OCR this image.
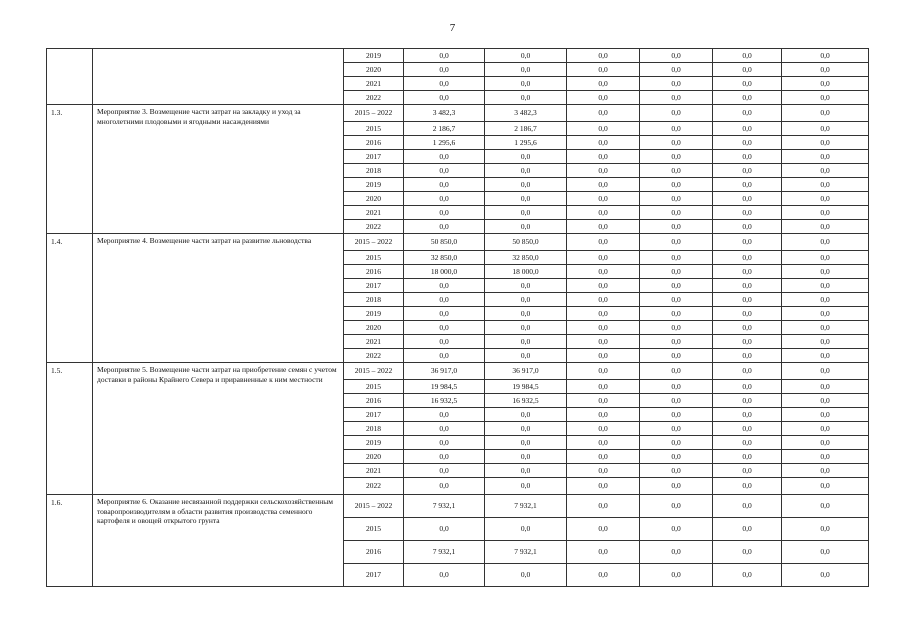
7
		2019	0,0	0,0	0,0	0,0	0,0	0,0
		2020	0,0	0,0	0,0	0,0	0,0	0,0
		2021	0,0	0,0	0,0	0,0	0,0	0,0
		2022	0,0	0,0	0,0	0,0	0,0	0,0
1.3.	Мероприятие 3. Возмещение части затрат на закладку и уход за многолетними плодовыми и ягодными насаждениями	2015 – 2022	3 482,3	3 482,3	0,0	0,0	0,0	0,0
		2015	2 186,7	2 186,7	0,0	0,0	0,0	0,0
		2016	1 295,6	1 295,6	0,0	0,0	0,0	0,0
		2017	0,0	0,0	0,0	0,0	0,0	0,0
		2018	0,0	0,0	0,0	0,0	0,0	0,0
		2019	0,0	0,0	0,0	0,0	0,0	0,0
		2020	0,0	0,0	0,0	0,0	0,0	0,0
		2021	0,0	0,0	0,0	0,0	0,0	0,0
		2022	0,0	0,0	0,0	0,0	0,0	0,0
1.4.	Мероприятие 4. Возмещение части затрат на развитие льноводства	2015 – 2022	50 850,0	50 850,0	0,0	0,0	0,0	0,0
		2015	32 850,0	32 850,0	0,0	0,0	0,0	0,0
		2016	18 000,0	18 000,0	0,0	0,0	0,0	0,0
		2017	0,0	0,0	0,0	0,0	0,0	0,0
		2018	0,0	0,0	0,0	0,0	0,0	0,0
		2019	0,0	0,0	0,0	0,0	0,0	0,0
		2020	0,0	0,0	0,0	0,0	0,0	0,0
		2021	0,0	0,0	0,0	0,0	0,0	0,0
		2022	0,0	0,0	0,0	0,0	0,0	0,0
1.5.	Мероприятие 5. Возмещение части затрат на приобретение семян с учетом доставки в районы Крайнего Севера и приравненные к ним местности	2015 – 2022	36 917,0	36 917,0	0,0	0,0	0,0	0,0
		2015	19 984,5	19 984,5	0,0	0,0	0,0	0,0
		2016	16 932,5	16 932,5	0,0	0,0	0,0	0,0
		2017	0,0	0,0	0,0	0,0	0,0	0,0
		2018	0,0	0,0	0,0	0,0	0,0	0,0
		2019	0,0	0,0	0,0	0,0	0,0	0,0
		2020	0,0	0,0	0,0	0,0	0,0	0,0
		2021	0,0	0,0	0,0	0,0	0,0	0,0
		2022	0,0	0,0	0,0	0,0	0,0	0,0
1.6.	Мероприятие 6. Оказание несвязанной поддержки сельскохозяйственным товаропроизводителям в области развития производства семенного картофеля и овощей открытого грунта	2015 – 2022	7 932,1	7 932,1	0,0	0,0	0,0	0,0
		2015	0,0	0,0	0,0	0,0	0,0	0,0
		2016	7 932,1	7 932,1	0,0	0,0	0,0	0,0
		2017	0,0	0,0	0,0	0,0	0,0	0,0
